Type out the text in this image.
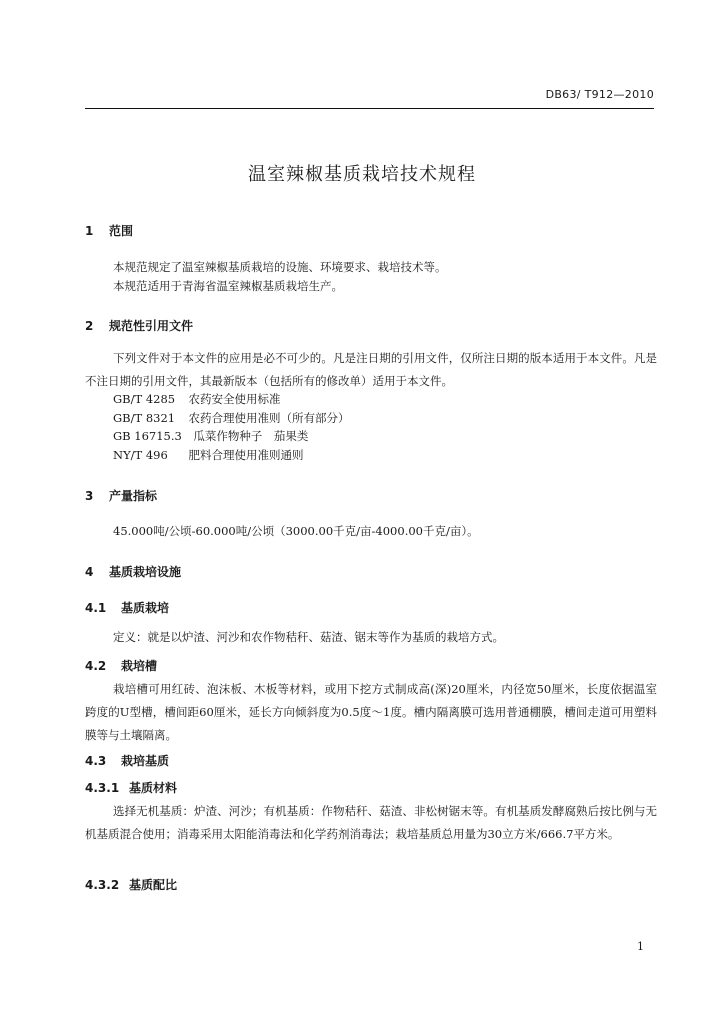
DB63/ T912—2010
温室辣椒基质栽培技术规程
1 范围
本规范规定了温室辣椒基质栽培的设施、环境要求、栽培技术等。
本规范适用于青海省温室辣椒基质栽培生产。
2 规范性引用文件

下列文件对于本文件的应用是必不可少的。凡是注日期的引用文件，仅所注日期的版本适用于本文件。凡是不注日期的引用文件，其最新版本（包括所有的修改单）适用于本文件。

GB/T 4285　 农药安全使用标准
GB/T 8321　 农药合理使用准则（所有部分）
GB 16715.3　 瓜菜作物种子　茄果类
NY/T 496　 肥料合理使用准则通则
3 产量指标
45.000吨/公顷-60.000吨/公顷（3000.00千克/亩-4000.00千克/亩）。
4 基质栽培设施
4.1 基质栽培
定义：就是以炉渣、河沙和农作物秸秆、菇渣、锯末等作为基质的栽培方式。
4.2 栽培槽

栽培槽可用红砖、泡沫板、木板等材料，或用下挖方式制成高(深)20厘米，内径宽50厘米，长度依据温室跨度的U型槽，槽间距60厘米，延长方向倾斜度为0.5度～1度。槽内隔离膜可选用普通棚膜，槽间走道可用塑料膜等与土壤隔离。

4.3 栽培基质
4.3.1 基质材料

选择无机基质：炉渣、河沙；有机基质：作物秸秆、菇渣、非松树锯末等。有机基质发酵腐熟后按比例与无机基质混合使用；消毒采用太阳能消毒法和化学药剂消毒法；栽培基质总用量为30立方米/666.7平方米。

4.3.2 基质配比
1
